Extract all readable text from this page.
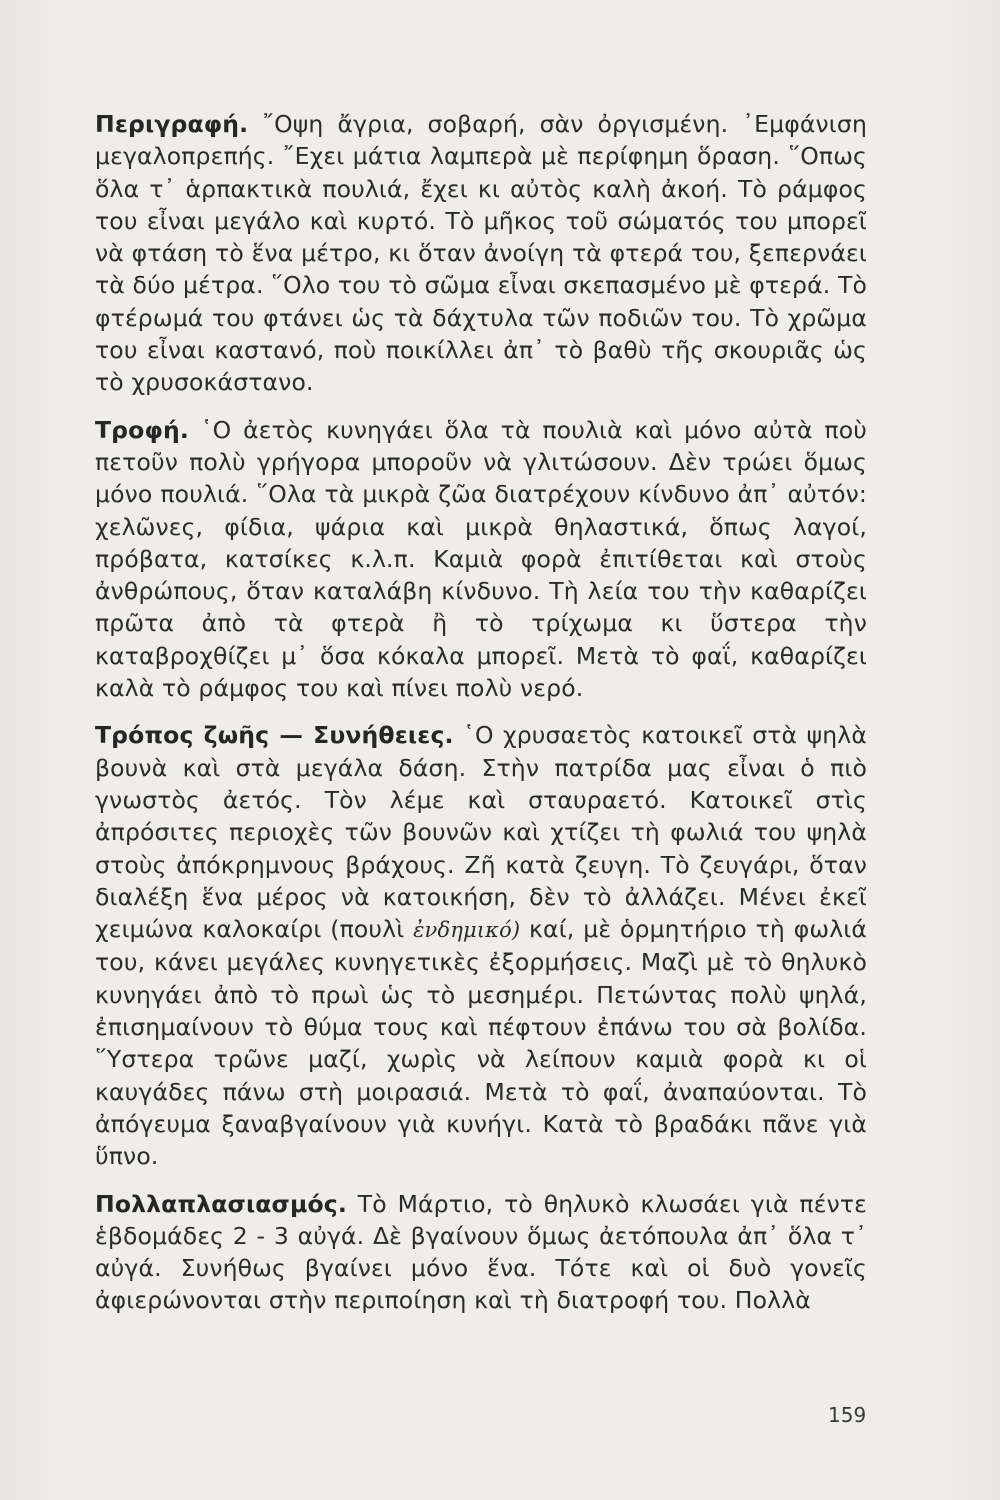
Περιγραφή. ῎Οψη ἄγρια, σοβαρή, σὰν ὀργισμένη. ᾿Εμφάνιση μεγαλοπρεπής. ῎Εχει μάτια λαμπερὰ μὲ περίφημη ὅραση. ῞Οπως ὅλα τ᾿ ἁρπακτικὰ πουλιά, ἔχει κι αὐτὸς καλὴ ἀκοή. Τὸ ράμφος του εἶναι μεγάλο καὶ κυρτό. Τὸ μῆκος τοῦ σώματός του μπορεῖ νὰ φτάση τὸ ἕνα μέτρο, κι ὅταν ἀνοίγη τὰ φτερά του, ξεπερνάει τὰ δύο μέτρα. ῞Ολο του τὸ σῶμα εἶναι σκεπασμένο μὲ φτερά. Τὸ φτέρωμά του φτάνει ὡς τὰ δάχτυλα τῶν ποδιῶν του. Τὸ χρῶμα του εἶναι καστανό, ποὺ ποικίλλει ἀπ᾿ τὸ βαθὺ τῆς σκουριᾶς ὡς τὸ χρυσοκάστανο.

Τροφή. ῾Ο ἀετὸς κυνηγάει ὅλα τὰ πουλιὰ καὶ μόνο αὐτὰ ποὺ πετοῦν πολὺ γρήγορα μποροῦν νὰ γλιτώσουν. Δὲν τρώει ὅμως μόνο πουλιά. ῞Ολα τὰ μικρὰ ζῶα διατρέχουν κίνδυνο ἀπ᾿ αὐτόν: χελῶνες, φίδια, ψάρια καὶ μικρὰ θηλαστικά, ὅπως λαγοί, πρόβατα, κατσίκες κ.λ.π. Καμιὰ φορὰ ἐπιτίθεται καὶ στοὺς ἀνθρώπους, ὅταν καταλάβη κίνδυνο. Τὴ λεία του τὴν καθαρίζει πρῶτα ἀπὸ τὰ φτερὰ ἢ τὸ τρίχωμα κι ὕστερα τὴν καταβροχθίζει μ᾿ ὅσα κόκαλα μπορεῖ. Μετὰ τὸ φαΐ, καθαρίζει καλὰ τὸ ράμφος του καὶ πίνει πολὺ νερό.

Τρόπος ζωῆς — Συνήθειες. ῾Ο χρυσαετὸς κατοικεῖ στὰ ψηλὰ βουνὰ καὶ στὰ μεγάλα δάση. Στὴν πατρίδα μας εἶναι ὁ πιὸ γνωστὸς ἀετός. Τὸν λέμε καὶ σταυραετό. Κατοικεῖ στὶς ἀπρόσιτες περιοχὲς τῶν βουνῶν καὶ χτίζει τὴ φωλιά του ψηλὰ στοὺς ἀπόκρημνους βράχους. Ζῆ κατὰ ζευγη. Τὸ ζευγάρι, ὅταν διαλέξη ἕνα μέρος νὰ κατοικήση, δὲν τὸ ἀλλάζει. Μένει ἐκεῖ χειμώνα καλοκαίρι (πουλὶ ἐνδημικό) καί, μὲ ὁρμητήριο τὴ φωλιά του, κάνει μεγάλες κυνηγετικὲς ἐξορμήσεις. Μαζὶ μὲ τὸ θηλυκὸ κυνηγάει ἀπὸ τὸ πρωὶ ὡς τὸ μεσημέρι. Πετώντας πολὺ ψηλά, ἐπισημαίνουν τὸ θύμα τους καὶ πέφτουν ἐπάνω του σὰ βολίδα. ῞Υστερα τρῶνε μαζί, χωρὶς νὰ λείπουν καμιὰ φορὰ κι οἱ καυγάδες πάνω στὴ μοιρασιά. Μετὰ τὸ φαΐ, ἀναπαύονται. Τὸ ἀπόγευμα ξαναβγαίνουν γιὰ κυνήγι. Κατὰ τὸ βραδάκι πᾶνε γιὰ ὕπνο.

Πολλαπλασιασμός. Τὸ Μάρτιο, τὸ θηλυκὸ κλωσάει γιὰ πέντε ἑβδομάδες 2 - 3 αὐγά. Δὲ βγαίνουν ὅμως ἀετόπουλα ἀπ᾿ ὅλα τ᾿ αὐγά. Συνήθως βγαίνει μόνο ἕνα. Τότε καὶ οἱ δυὸ γονεῖς ἀφιερώνονται στὴν περιποίηση καὶ τὴ διατροφή του. Πολλὰ

159
